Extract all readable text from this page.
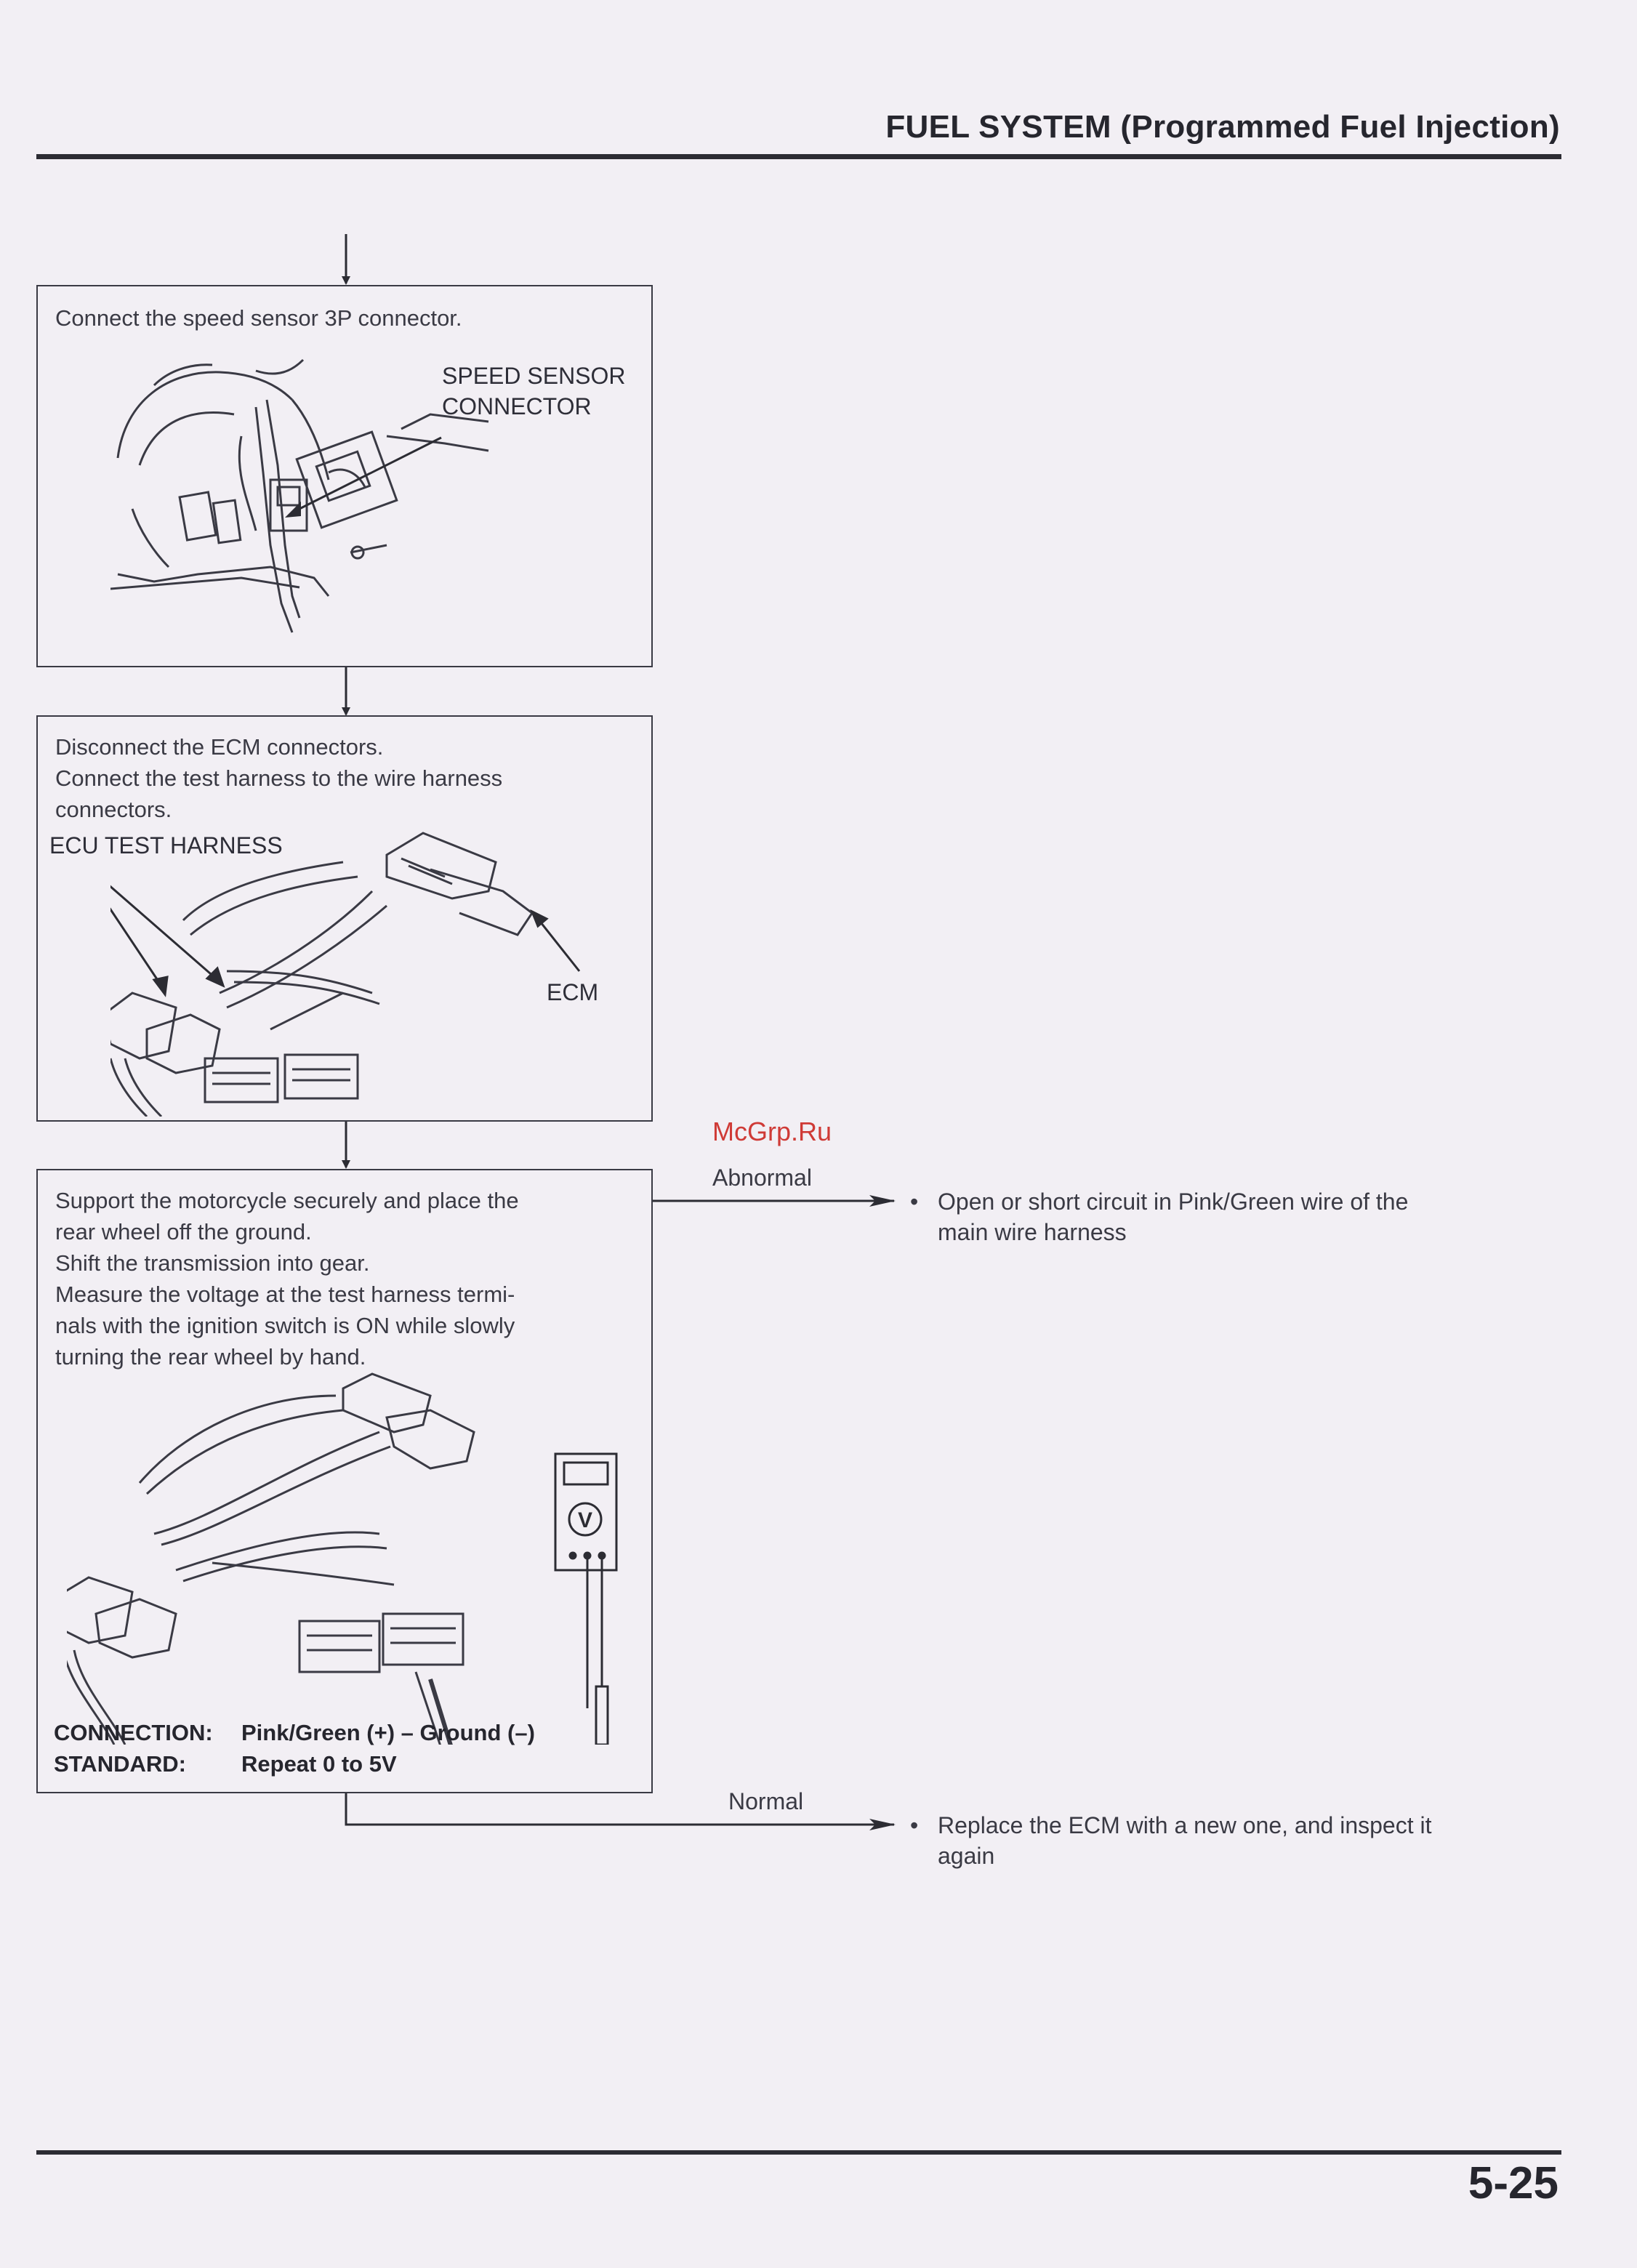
FUEL SYSTEM (Programmed Fuel Injection)
Connect the speed sensor 3P connector.
SPEED SENSOR
CONNECTOR
Disconnect the ECM connectors.
Connect the test harness to the wire harness
connectors.
ECU TEST HARNESS
ECM
Support the motorcycle securely and place the
rear wheel off the ground.
Shift the transmission into gear.
Measure the voltage at the test harness termi-
nals with the ignition switch is ON while slowly
turning the rear wheel by hand.
V
CONNECTION: Pink/Green (+) – Ground (–)
STANDARD: Repeat 0 to 5V
Abnormal
• Open or short circuit in Pink/Green wire of the
main wire harness
Normal
• Replace the ECM with a new one, and inspect it
again
McGrp.Ru
5-25
